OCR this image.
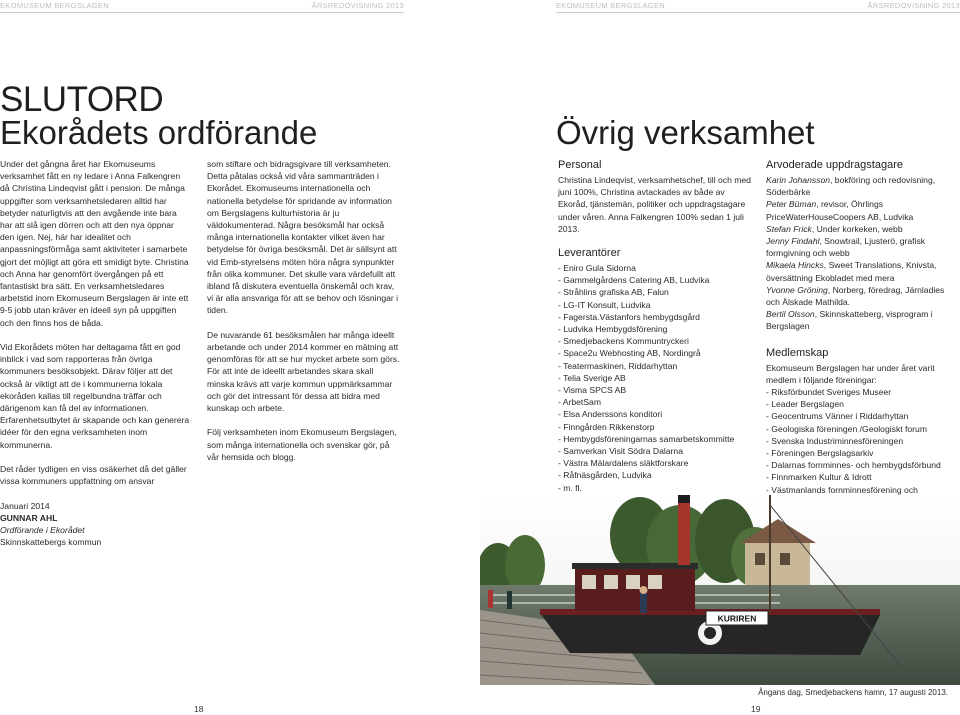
EKOMUSEUM BERGSLAGEN	ÅRSREDOVISNING 2013	EKOMUSEUM BERGSLAGEN	ÅRSREDOVISNING 2013
SLUTORD
Ekorådets ordförande

Under det gångna året har Ekomuseums verksamhet fått en ny ledare i Anna Falkengren då Christina Lindeqvist gått i pension. De många uppgifter som verksamhetsledaren alltid har betyder naturligtvis att den avgående inte bara har att slå igen dörren och att den nya öppnar den igen. Nej, här har idealitet och anpassningsförmåga samt aktiviteter i samarbete gjort det möjligt att göra ett smidigt byte. Christina och Anna har genomfört övergången på ett fantastiskt bra sätt. En verksamhetsledares arbetstid inom Ekomuseum Bergslagen är inte ett 9-5 jobb utan kräver en ideell syn på uppgiften och den finns hos de båda.

Vid Ekorådets möten har deltagarna fått en god inblick i vad som rapporteras från övriga kommuners besöksobjekt. Därav följer att det också är viktigt att de i kommunerna lokala ekoråden kallas till regelbundna träffar och därigenom kan få del av informationen. Erfarenhetsutbytet är skapande och kan generera idéer för den egna verksamheten inom kommunerna.

Det råder tydligen en viss osäkerhet då det gäller vissa kommuners uppfattning om ansvar

Januari 2014
GUNNAR AHL
Ordförande i Ekorådet
Skinnskattebergs kommun

som stiftare och bidragsgivare till verksamheten. Detta påtalas också vid våra sammanträden i Ekorådet. Ekomuseums internationella och nationella betydelse för spridande av information om Bergslagens kulturhistoria är ju väldokumenterad. Några besöksmål har också många internationella kontakter vilket även har betydelse för övriga besöksmål. Det är sällsynt att vid Emb-styrelsens möten höra några synpunkter från olika kommuner. Det skulle vara värdefullt att ibland få diskutera eventuella önskemål och krav, vi är alla ansvariga för att se behov och lösningar i tiden.

De nuvarande 61 besöksmålen har många ideellt arbetande och under 2014 kommer en mätning att genomföras för att se hur mycket arbete som görs. För att inte de ideellt arbetandes skara skall minska krävs att varje kommun uppmärksammar och gör det intressant för dessa att bidra med kunskap och arbete.

Följ verksamheten inom Ekomuseum Bergslagen, som många internationella och svenskar gör, på vår hemsida och blogg.

Övrig verksamhet
Personal

Christina Lindeqvist, verksamhetschef, till och med juni 100%, Christina avtackades av både av Ekoråd, tjänstemän, politiker och uppdragstagare under våren. Anna Falkengren 100% sedan 1 juli 2013.

Leverantörer
- Eniro Gula Sidorna
- Gammelgårdens Catering AB, Ludvika
- Stråhlins grafiska AB, Falun
- LG-IT Konsult, Ludvika
- Fagersta.Västanfors hembygdsgård
- Ludvika Hembygdsförening
- Smedjebackens Kommuntryckeri
- Space2u Webhosting AB, Nordingrå
- Teatermaskinen, Riddarhyttan
- Telia Sverige AB
- Visma SPCS AB
- ArbetSam
- Elsa Anderssons konditori
- Finngården Rikkenstorp
- Hembygdsföreningarnas samarbetskommitte
- Samverkan Visit Södra Dalarna
- Västra Mälardalens släktforskare
- Råfnäsgården, Ludvika
- m. fl.
Arvoderade uppdragstagare
Karin Johansson, bokföring och redovisning, Söderbärke
Peter Büman, revisor, Öhrlings PriceWaterHouseCoopers AB, Ludvika
Stefan Frick, Under korkeken, webb
Jenny Findahl, Snowtrail, Ljusterö, grafisk formgivning och webb
Mikaela Hincks, Sweet Translations, Knivsta, översättning Ekobladet med mera
Yvonne Gröning, Norberg, föredrag, Järnladies och Älskade Mathilda.
Bertil Olsson, Skinnskatteberg, visprogram i Bergslagen
Medlemskap
Ekomuseum Bergslagen har under året varit medlem i följande föreningar:
- Riksförbundet Sveriges Museer
- Leader Bergslagen
- Geocentrums Vänner i Riddarhyttan
- Geologiska föreningen /Geologiskt forum
- Svenska Industriminnesföreningen
- Föreningen Bergslagsarkiv
- Dalarnas fornminnes- och hembygdsförbund
- Finnmarken Kultur & Idrott
- Västmanlands fornminnesförening och
KURIREN
Ångans dag, Smedjebackens hamn, 17 augusti 2013.
18	19
